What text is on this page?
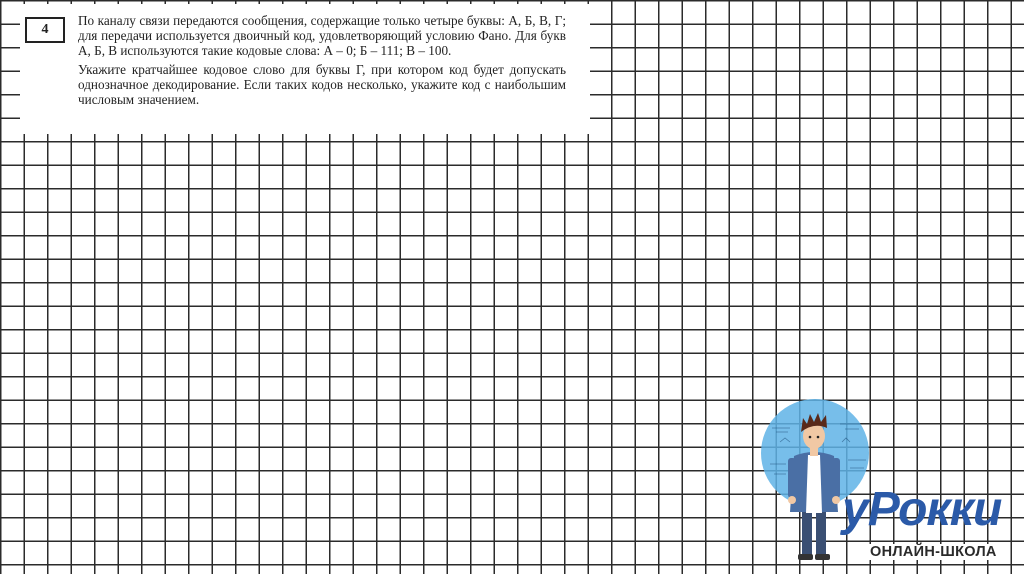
4

По каналу связи передаются сообщения, содержащие только четыре буквы: А, Б, В, Г; для передачи используется двоичный код, удовлетворяющий условию Фано. Для букв А, Б, В используются такие кодовые слова: А – 0; Б – 111; В – 100.

Укажите кратчайшее кодовое слово для буквы Г, при котором код будет допускать однозначное декодирование. Если таких кодов несколько, укажите код с наибольшим числовым значением.

уРокки
ОНЛАЙН-ШКОЛА
